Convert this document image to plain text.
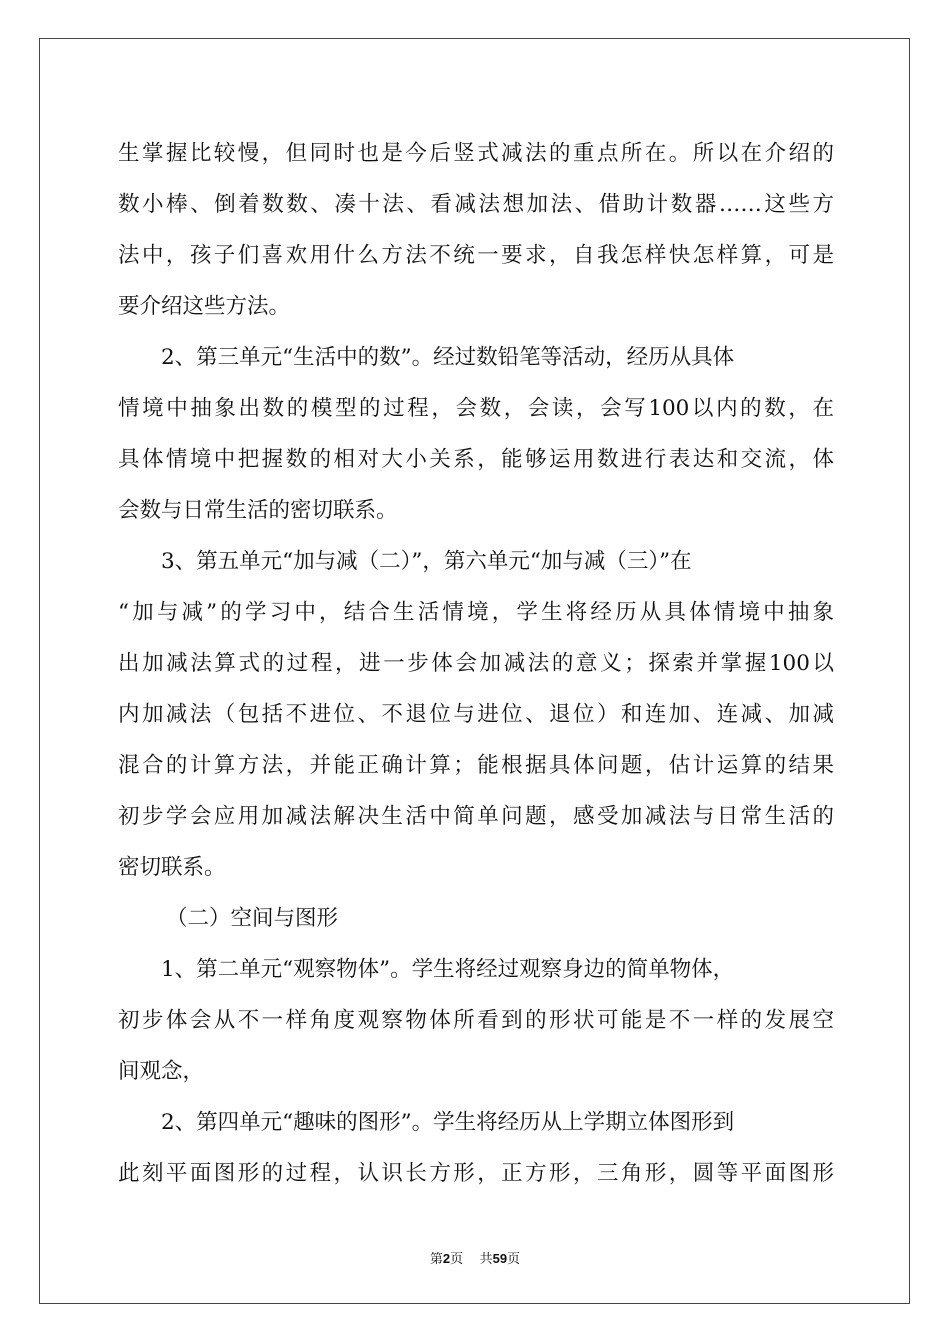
生掌握比较慢，但同时也是今后竖式减法的重点所在。所以在介绍的
数小棒、倒着数数、凑十法、看减法想加法、借助计数器……这些方
法中，孩子们喜欢用什么方法不统一要求，自我怎样快怎样算，可是
要介绍这些方法。
2、第三单元“生活中的数”。经过数铅笔等活动，经历从具体
情境中抽象出数的模型的过程，会数，会读，会写100以内的数，在
具体情境中把握数的相对大小关系，能够运用数进行表达和交流，体
会数与日常生活的密切联系。
3、第五单元“加与减（二）”，第六单元“加与减（三）”在
“加与减”的学习中，结合生活情境，学生将经历从具体情境中抽象
出加减法算式的过程，进一步体会加减法的意义；探索并掌握100以
内加减法（包括不进位、不退位与进位、退位）和连加、连减、加减
混合的计算方法，并能正确计算；能根据具体问题，估计运算的结果
初步学会应用加减法解决生活中简单问题，感受加减法与日常生活的
密切联系。
（二）空间与图形
1、第二单元“观察物体”。学生将经过观察身边的简单物体，
初步体会从不一样角度观察物体所看到的形状可能是不一样的发展空
间观念，
2、第四单元“趣味的图形”。学生将经历从上学期立体图形到
此刻平面图形的过程，认识长方形，正方形，三角形，圆等平面图形
第2页 共59页
